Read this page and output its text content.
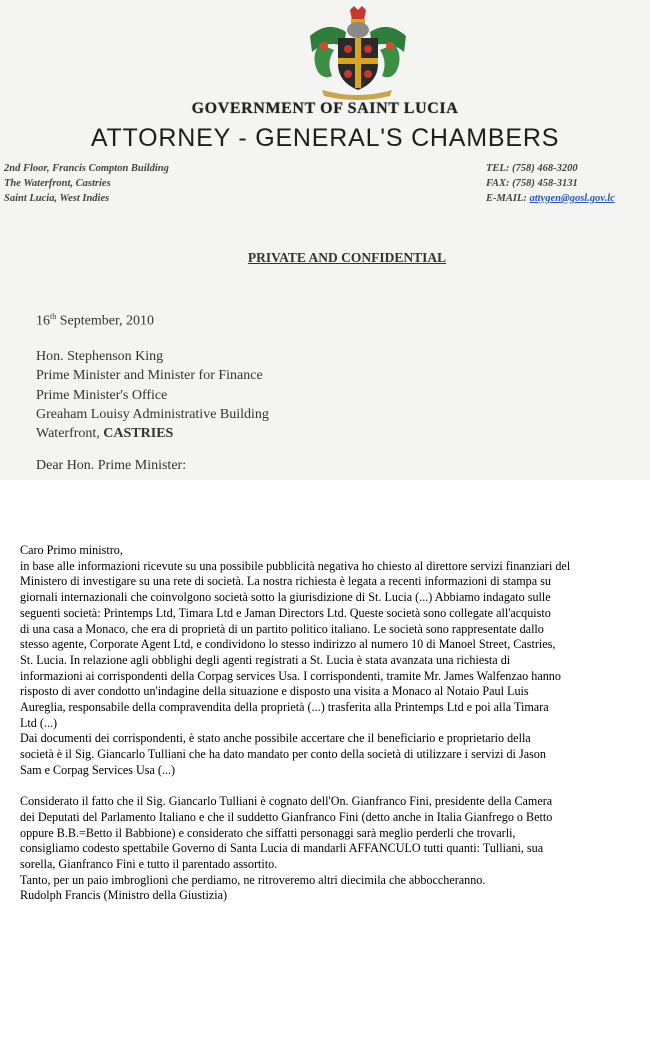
GOVERNMENT OF SAINT LUCIA
ATTORNEY - GENERAL'S CHAMBERS
2nd Floor, Francis Compton Building
The Waterfront, Castries
Saint Lucia, West Indies
TEL: (758) 468-3200
FAX: (758) 458-3131
E-MAIL: attygen@gosl.gov.lc
PRIVATE AND CONFIDENTIAL
16th September, 2010
Hon. Stephenson King
Prime Minister and Minister for Finance
Prime Minister's Office
Greaham Louisy Administrative Building
Waterfront, CASTRIES
Dear Hon. Prime Minister:

Caro Primo ministro,

in base alle informazioni ricevute su una possibile pubblicità negativa ho chiesto al direttore servizi finanziari del

Ministero di investigare su una rete di società. La nostra richiesta è legata a recenti informazioni di stampa su

giornali internazionali che coinvolgono società sotto la giurisdizione di St. Lucia (...) Abbiamo indagato sulle

seguenti società: Printemps Ltd, Timara Ltd e Jaman Directors Ltd. Queste società sono collegate all'acquisto

di una casa a Monaco, che era di proprietà di un partito politico italiano. Le società sono rappresentate dallo

stesso agente, Corporate Agent Ltd, e condividono lo stesso indirizzo al numero 10 di Manoel Street, Castries,

St. Lucia. In relazione agli obblighi degli agenti registrati a St. Lucia è stata avanzata una richiesta di

informazioni ai corrispondenti della Corpag services Usa. I corrispondenti, tramite Mr. James Walfenzao hanno

risposto di aver condotto un'indagine della situazione e disposto una visita a Monaco al Notaio Paul Luis

Aureglia, responsabile della compravendita della proprietà (...) trasferita alla Printemps Ltd e poi alla Timara

Ltd (...)

Dai documenti dei corrispondenti, è stato anche possibile accertare che il beneficiario e proprietario della

società è il Sig. Giancarlo Tulliani che ha dato mandato per conto della società di utilizzare i servizi di Jason

Sam e Corpag Services Usa (...)

Considerato il fatto che il Sig. Giancarlo Tulliani è cognato dell'On. Gianfranco Fini, presidente della Camera

dei Deputati del Parlamento Italiano e che il suddetto Gianfranco Fini (detto anche in Italia Gianfrego o Betto

oppure B.B.=Betto il Babbione) e considerato che siffatti personaggi sarà meglio perderli che trovarli,

consigliamo codesto spettabile Governo di Santa Lucia di mandarli AFFANCULO tutti quanti: Tulliani, sua

sorella, Gianfranco Fini e tutto il parentado assortito.

Tanto, per un paio imbroglioni che perdiamo, ne ritroveremo altri diecimila che abboccheranno.

Rudolph Francis (Ministro della Giustizia)
